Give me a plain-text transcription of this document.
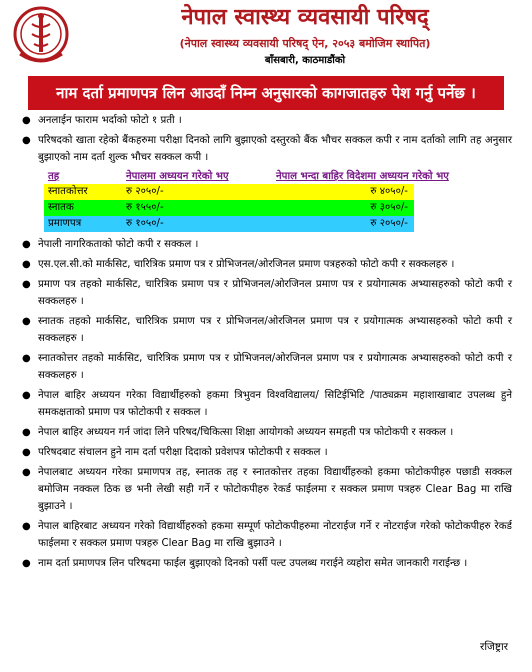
नेपाल स्वास्थ्य व्यवसायी परिषद्
(नेपाल स्वास्थ्य व्यवसायी परिषद् ऐन, २०५३ बमोजिम स्थापित)
बाँसबारी, काठमाडौंको
नाम दर्ता प्रमाणपत्र लिन आउदाँ निम्न अनुसारको कागजातहरु पेश गर्नु पर्नेछ ।
● अनलाईन फाराम भर्दाको फोटो १ प्रती ।
● परिषदको खाता रहेको बैंकहरुमा परीक्षा दिनको लागि बुझाएको दस्तुरको बैंक भौचर सक्कल कपी र नाम दर्ताको लागि तह अनुसार बुझाएको नाम दर्ता शुल्क भौचर सक्कल कपी ।
तह	नेपालमा अध्ययन गरेको भए	नेपाल भन्दा बाहिर विदेशमा अध्ययन गरेको भए
स्नातकोत्तर	रु २०५०/-	रु ४०५०/-
स्नातक	रु १५५०/-	रु ३०५०/-
प्रमाणपत्र	रु १०५०/-	रु २०५०/-
● नेपाली नागरिकताको फोटो कपी र सक्कल ।
● एस.एल.सी.को मार्कसिट, चारित्रिक प्रमाण पत्र र प्रोभिजनल/ओरजिनल प्रमाण पत्रहरुको फोटो कपी र सक्कलहरु ।
● प्रमाण पत्र तहको मार्कसिट, चारित्रिक प्रमाण पत्र र प्रोभिजनल/ओरजिनल प्रमाण पत्र र प्रयोगात्मक अभ्यासहरुको फोटो कपी र सक्कलहरु ।
● स्नातक तहको मार्कसिट, चारित्रिक प्रमाण पत्र र प्रोभिजनल/ओरजिनल प्रमाण पत्र र प्रयोगात्मक अभ्यासहरुको फोटो कपी र सक्कलहरु ।
● स्नातकोत्तर तहको मार्कसिट, चारित्रिक प्रमाण पत्र र प्रोभिजनल/ओरजिनल प्रमाण पत्र र प्रयोगात्मक अभ्यासहरुको फोटो कपी र सक्कलहरु ।
● नेपाल बाहिर अध्ययन गरेका विद्यार्थीहरुको हकमा त्रिभुवन विश्वविद्यालय/ सिटिईभिटि /पाठ्यक्रम महाशाखाबाट उपलब्ध हुने समकक्षताको प्रमाण पत्र फोटोकपी र सक्कल ।
● नेपाल बाहिर अध्ययन गर्न जांदा लिने परिषद/चिकित्सा शिक्षा आयोगको अध्ययन समहती पत्र फोटोकपी र सक्कल ।
● परिषदबाट संचालन हुने नाम दर्ता परीक्षा दिदाको प्रवेशपत्र फोटोकपी र सक्कल ।
● नेपालबाट अध्ययन गरेका प्रमाणपत्र तह, स्नातक तह र स्नातकोत्तर तहका विद्यार्थीहरुको हकमा फोटोकपीहरु पछाडी सक्कल बमोजिम नक्कल ठिक छ भनी लेखी सही गर्ने र फोटोकपीहरु रेकर्ड फाईलमा र सक्कल प्रमाण पत्रहरु Clear Bag मा राखि बुझाउने ।
● नेपाल बाहिरबाट अध्ययन गरेको विद्यार्थीहरुको हकमा सम्पूर्ण फोटोकपीहरुमा नोटराईज गर्ने र नोटराईज गरेको फोटोकपीहरु रेकर्ड फाईलमा र सक्कल प्रमाण पत्रहरु Clear Bag मा राखि बुझाउने ।
● नाम दर्ता प्रमाणपत्र लिन परिषदमा फाईल बुझाएको दिनको पर्सी पल्ट उपलब्ध गराईने व्यहोरा समेत जानकारी गराईन्छ ।
रजिष्ट्रार
